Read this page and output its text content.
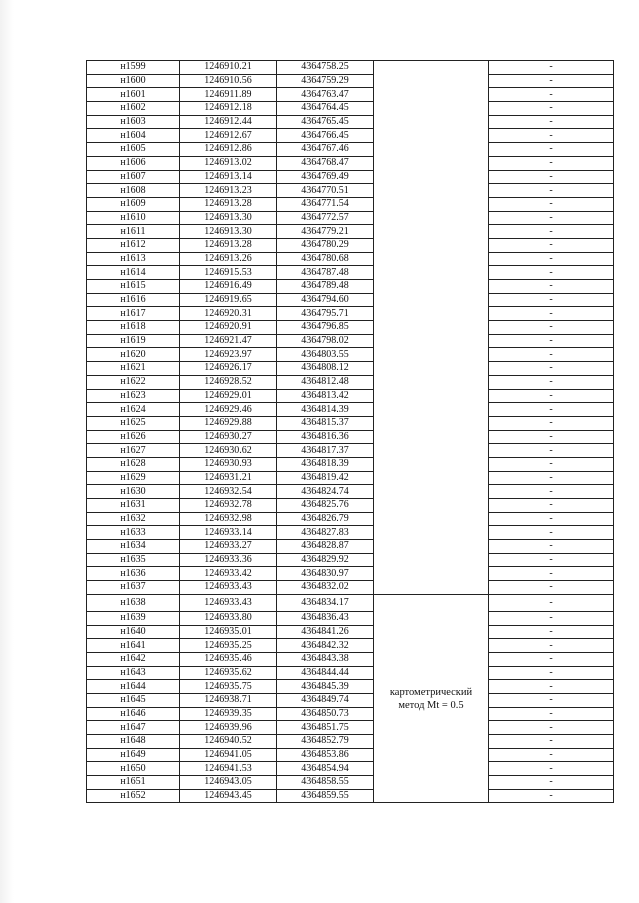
н1599	1246910.21	4364758.25		-
н1600	1246910.56	4364759.29		-
н1601	1246911.89	4364763.47		-
н1602	1246912.18	4364764.45		-
н1603	1246912.44	4364765.45		-
н1604	1246912.67	4364766.45		-
н1605	1246912.86	4364767.46		-
н1606	1246913.02	4364768.47		-
н1607	1246913.14	4364769.49		-
н1608	1246913.23	4364770.51		-
н1609	1246913.28	4364771.54		-
н1610	1246913.30	4364772.57		-
н1611	1246913.30	4364779.21		-
н1612	1246913.28	4364780.29		-
н1613	1246913.26	4364780.68		-
н1614	1246915.53	4364787.48		-
н1615	1246916.49	4364789.48		-
н1616	1246919.65	4364794.60		-
н1617	1246920.31	4364795.71		-
н1618	1246920.91	4364796.85		-
н1619	1246921.47	4364798.02		-
н1620	1246923.97	4364803.55		-
н1621	1246926.17	4364808.12		-
н1622	1246928.52	4364812.48		-
н1623	1246929.01	4364813.42		-
н1624	1246929.46	4364814.39		-
н1625	1246929.88	4364815.37		-
н1626	1246930.27	4364816.36		-
н1627	1246930.62	4364817.37		-
н1628	1246930.93	4364818.39		-
н1629	1246931.21	4364819.42		-
н1630	1246932.54	4364824.74		-
н1631	1246932.78	4364825.76		-
н1632	1246932.98	4364826.79		-
н1633	1246933.14	4364827.83		-
н1634	1246933.27	4364828.87		-
н1635	1246933.36	4364829.92		-
н1636	1246933.42	4364830.97		-
н1637	1246933.43	4364832.02		-
н1638	1246933.43	4364834.17	картометрический метод Mt = 0.5	-
н1639	1246933.80	4364836.43		-
н1640	1246935.01	4364841.26		-
н1641	1246935.25	4364842.32		-
н1642	1246935.46	4364843.38		-
н1643	1246935.62	4364844.44		-
н1644	1246935.75	4364845.39		-
н1645	1246938.71	4364849.74		-
н1646	1246939.35	4364850.73		-
н1647	1246939.96	4364851.75		-
н1648	1246940.52	4364852.79		-
н1649	1246941.05	4364853.86		-
н1650	1246941.53	4364854.94		-
н1651	1246943.05	4364858.55		-
н1652	1246943.45	4364859.55		-
